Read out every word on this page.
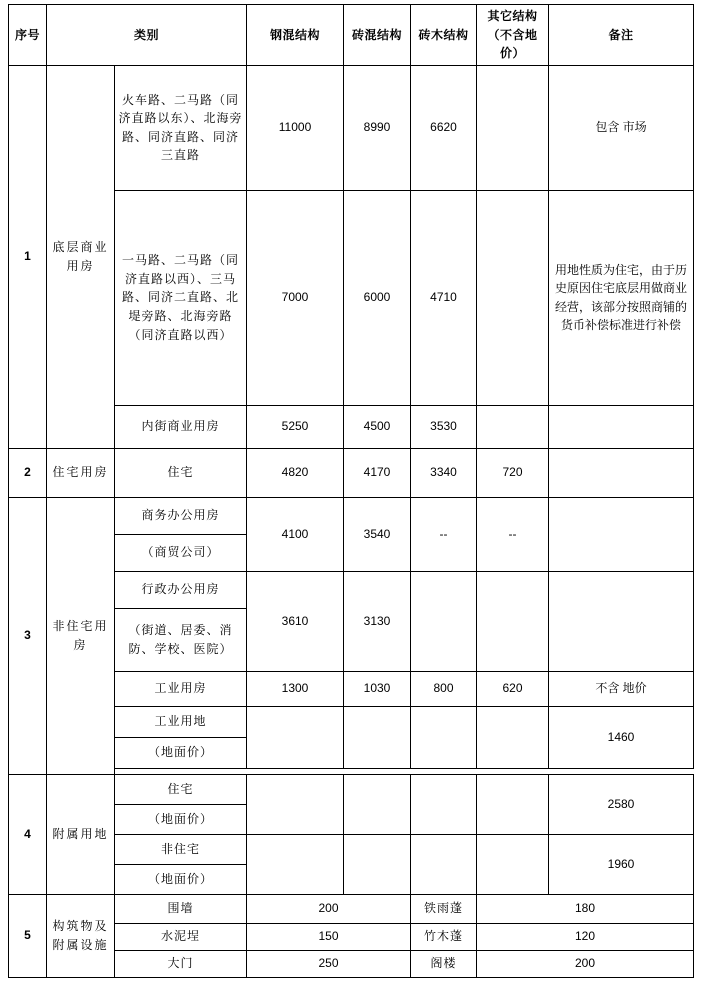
序号	类别		钢混结构	砖混结构	砖木结构	其它结构（不含地价）	备注
1	底层商业用房	火车路、二马路（同济直路以东）、北海旁路、同济直路、同济三直路	11000	8990	6620		包含 市场
		一马路、二马路（同济直路以西）、三马路、同济二直路、北堤旁路、北海旁路（同济直路以西）	7000	6000	4710		用地性质为住宅，由于历史原因住宅底层用做商业经营，该部分按照商铺的货币补偿标准进行补偿
		内街商业用房	5250	4500	3530		
2	住宅用房	住宅	4820	4170	3340	720	
3	非住宅用房	商务办公用房	4100	3540	--	--	
		（商贸公司）					
		行政办公用房	3610	3130			
		（街道、居委、消防、学校、医院）					
		工业用房	1300	1030	800	620	不含 地价
		工业用地					1460
		（地面价）					

4	附属用地	住宅					2580
		（地面价）					
		非住宅					1960
		（地面价）					
5	构筑物及附属设施	围墙	200		铁雨蓬	180	
		水泥埕	150		竹木蓬	120	
		大门	250		阁楼	200	
